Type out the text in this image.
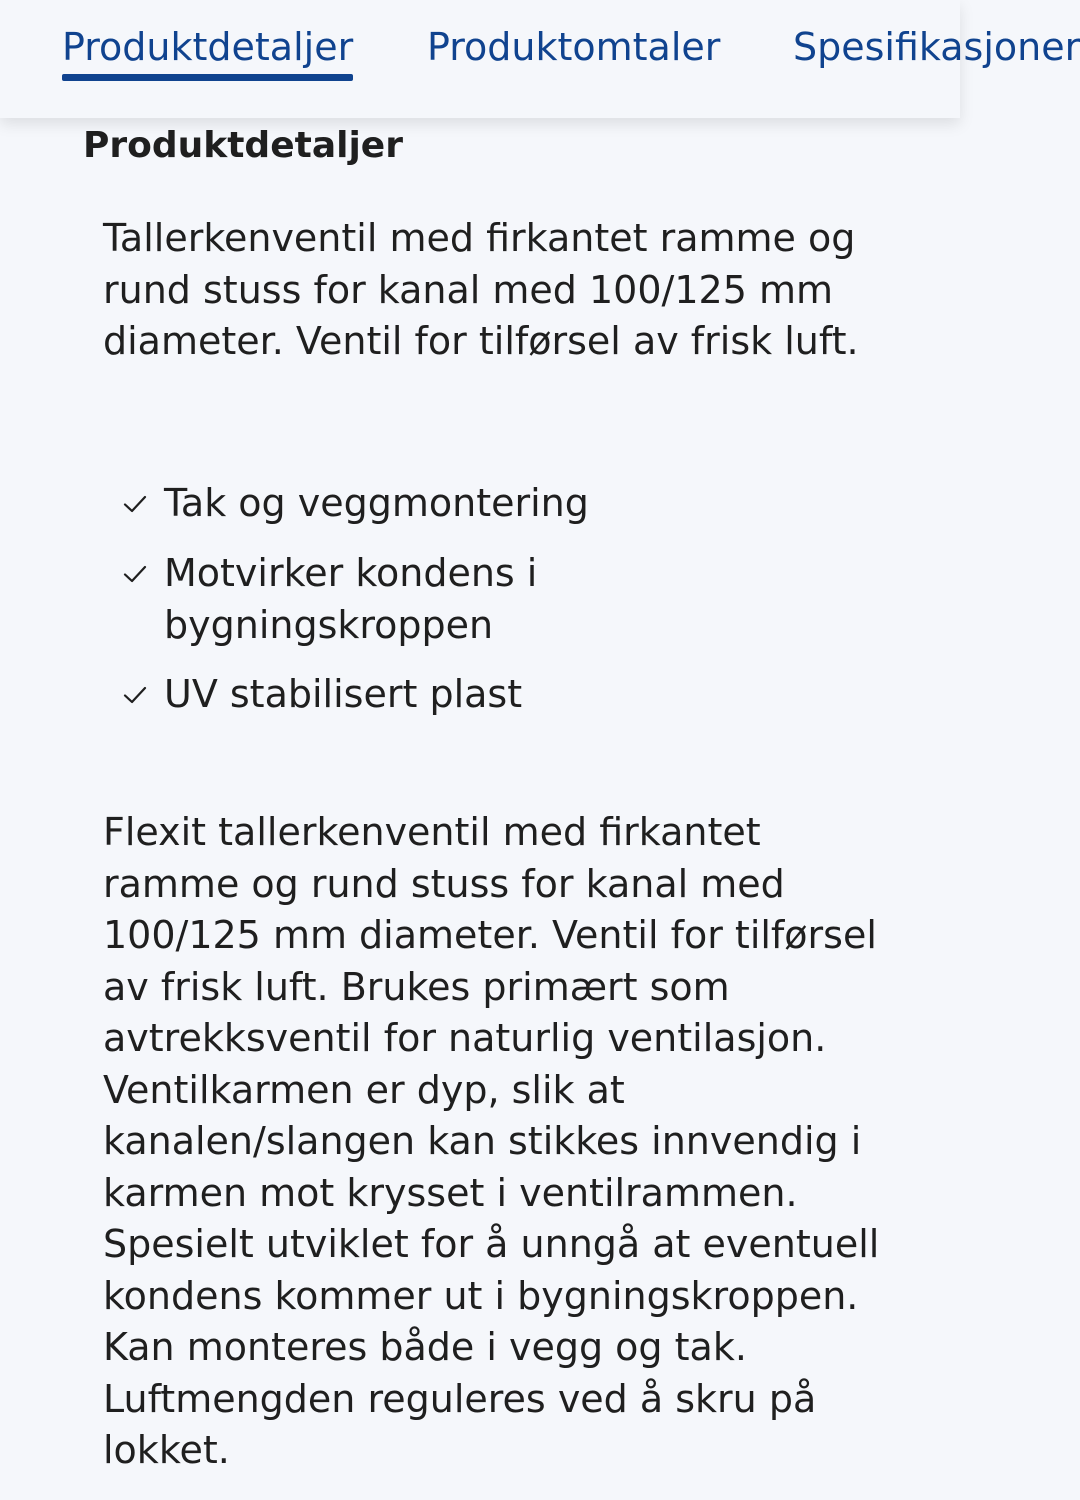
Produktdetaljer Produktomtaler Spesifikasjoner
Produktdetaljer

Tallerkenventil med firkantet ramme og rund stuss for kanal med 100/125 mm diameter. Ventil for tilførsel av frisk luft.

Tak og veggmontering
Motvirker kondens i bygningskroppen
UV stabilisert plast

Flexit tallerkenventil med firkantet ramme og rund stuss for kanal med 100/125 mm diameter. Ventil for tilførsel av frisk luft. Brukes primært som avtrekksventil for naturlig ventilasjon. Ventilkarmen er dyp, slik at kanalen/slangen kan stikkes innvendig i karmen mot krysset i ventilrammen. Spesielt utviklet for å unngå at eventuell kondens kommer ut i bygningskroppen. Kan monteres både i vegg og tak. Luftmengden reguleres ved å skru på lokket.
